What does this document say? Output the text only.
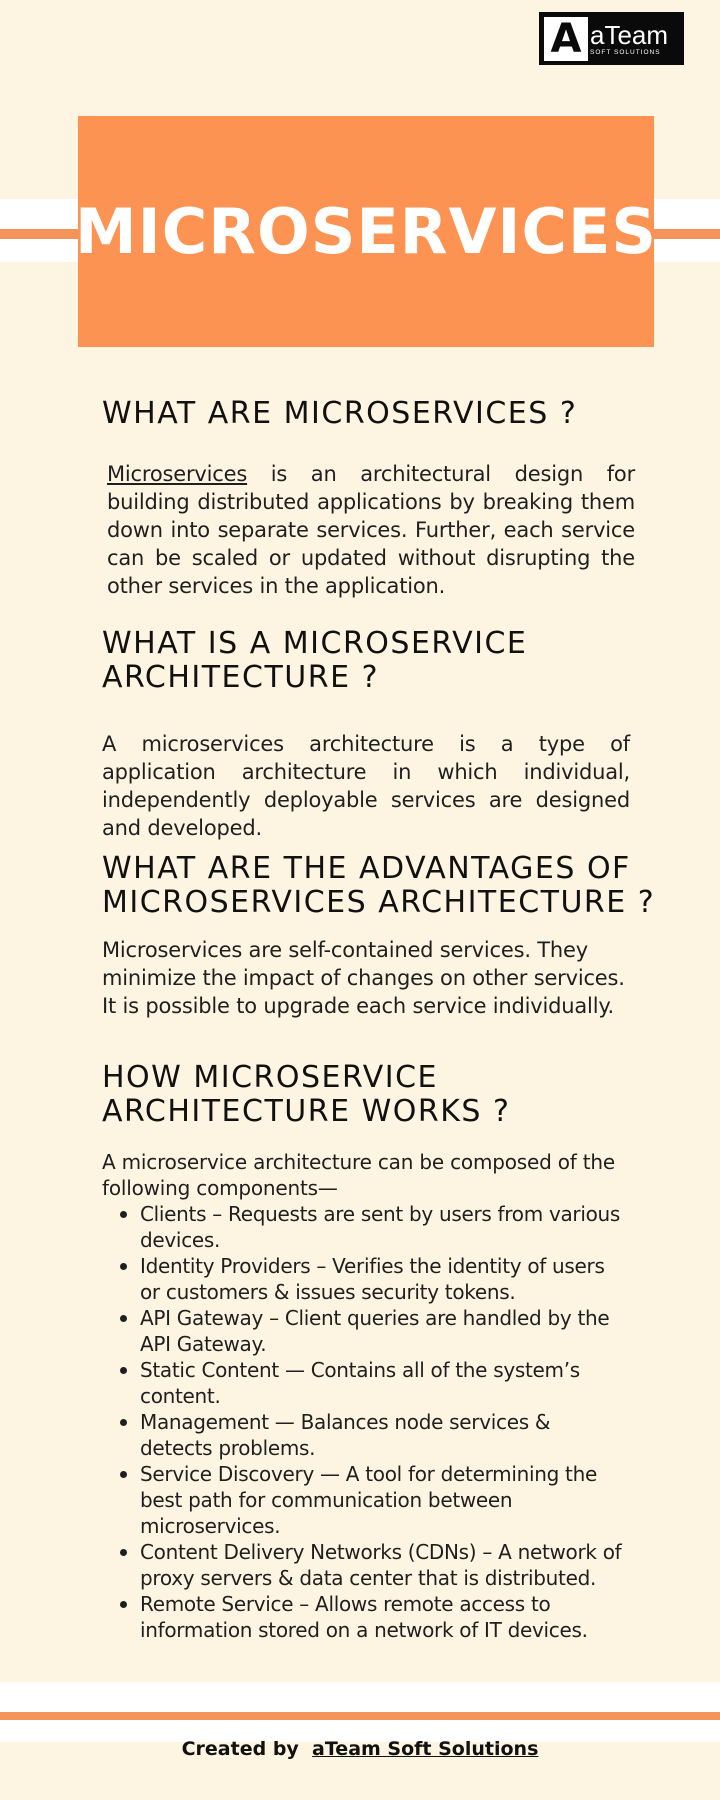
A aTeam
SOFT SOLUTIONS
MICROSERVICES
WHAT ARE MICROSERVICES ?

Microservices is an architectural design for building distributed applications by breaking them down into separate services. Further, each service can be scaled or updated without disrupting the other services in the application.

WHAT IS A MICROSERVICE
ARCHITECTURE ?

A microservices architecture is a type of application architecture in which individual, independently deployable services are designed and developed.

WHAT ARE THE ADVANTAGES OF
MICROSERVICES ARCHITECTURE ?

Microservices are self-contained services. They
minimize the impact of changes on other services.
It is possible to upgrade each service individually.

HOW MICROSERVICE
ARCHITECTURE WORKS ?

A microservice architecture can be composed of the
following components—

Clients – Requests are sent by users from various
devices.
Identity Providers – Verifies the identity of users
or customers & issues security tokens.
API Gateway – Client queries are handled by the
API Gateway.
Static Content — Contains all of the system’s
content.
Management — Balances node services &
detects problems.
Service Discovery — A tool for determining the
best path for communication between
microservices.
Content Delivery Networks (CDNs) – A network of
proxy servers & data center that is distributed.
Remote Service – Allows remote access to
information stored on a network of IT devices.
Created by aTeam Soft Solutions
